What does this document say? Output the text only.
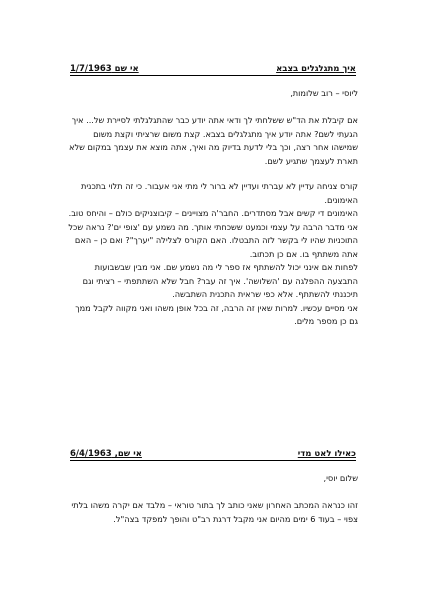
איך מתגלגלים בצבא
אי שם 1/7/1963

ליוסי – רוב שלומות,

אם קיבלת את הד"ש ששלחתי לך ודאי אתה יודע כבר שהתגלגלתי לסיירת של... איך הגעתי לשם? אתה יודע איך מתגלגלים בצבא. קצת משום שרציתי וקצת משום שמישהו אחר רצה, וכך בלי לדעת בדיוק מה ואיך, אתה מוצא את עצמך במקום שלא תארת לעצמך שתגיע לשם.

קורס צניחה עדיין לא עברתי ועדיין לא ברור לי מתי אני אעבור. כי זה תלוי בתכנית האימונים.
האימונים די קשים אבל מסתדרים. החבר'ה מצויינים – קיבוצניקים כולם – והיחס טוב.
אני מדבר הרבה על עצמי וכמעט ששכחתי אותך. מה נשמע עם 'צופי ים'? נראה שכל התוכניות שהיו לי בקשר לזה התבטלו. האם הקורס לצלילה "יערך"? ואם כן – האם אתה משתתף בו. אם כן תכתוב.
לפחות אם אינני יכול להשתתף אז ספר לי מה נשמע שם. אני מבין שבשבועות התבצעה ההפלגה עם 'השלושה'. איך זה עבר? חבל שלא השתתפתי – רציתי וגם תיכננתי להשתתף. אלא כפי שראית התכנית השתבשה.
אני מסיים עכשיו. למרות שאין זה הרבה, זה בכל אופן משהו ואני מקווה לקבל ממך גם כן מספר מלים.

כאילו לאט מדי
אי שם, 6/4/1963

שלום יוסי,

זהו כנראה המכתב האחרון שאני כותב לך בתור טוראי – מלבד אם יקרה משהו בלתי צפוי – בעוד 6 ימים מהיום אני מקבל דרגת רב"ט והופך למפקד בצה"ל.
